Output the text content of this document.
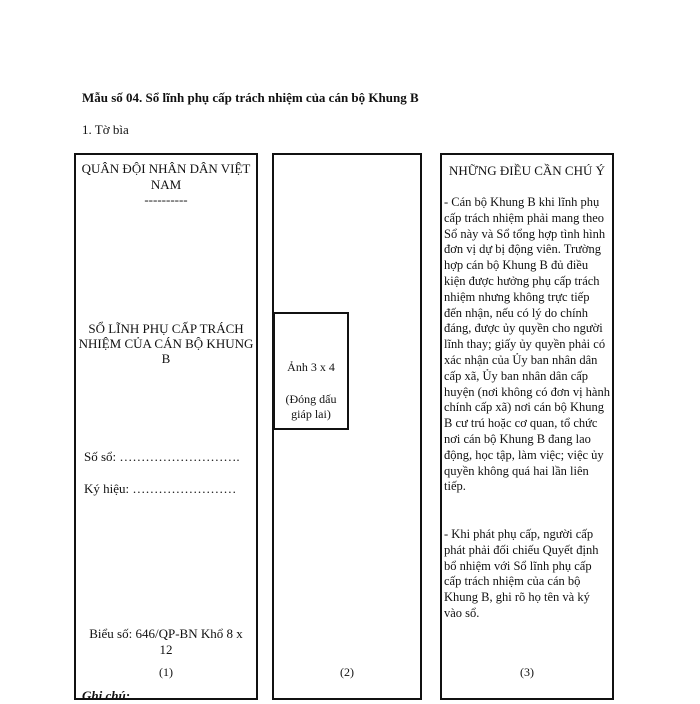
Mẫu số 04. Sổ lĩnh phụ cấp trách nhiệm của cán bộ Khung B
1. Tờ bìa
QUÂN ĐỘI NHÂN DÂN VIỆT NAM
----------
SỔ LĨNH PHỤ CẤP TRÁCH NHIỆM CỦA CÁN BỘ KHUNG B
Số sổ: ……………………….
Ký hiệu: ……………………
Biểu số: 646/QP-BN Khổ 8 x 12
(1)	(2)
Ảnh 3 x 4
(Đóng dấu giáp lai)
NHỮNG ĐIỀU CẦN CHÚ Ý
- Cán bộ Khung B khi lĩnh phụ cấp trách nhiệm phải mang theo Sổ này và Sổ tổng hợp tình hình đơn vị dự bị động viên. Trường hợp cán bộ Khung B đủ điều kiện được hưởng phụ cấp trách nhiệm nhưng không trực tiếp đến nhận, nếu có lý do chính đáng, được ủy quyền cho người lĩnh thay; giấy ủy quyền phải có xác nhận của Ủy ban nhân dân cấp xã, Ủy ban nhân dân cấp huyện (nơi không có đơn vị hành chính cấp xã) nơi cán bộ Khung B cư trú hoặc cơ quan, tổ chức nơi cán bộ Khung B đang lao động, học tập, làm việc; việc ủy quyền không quá hai lần liên tiếp.
- Khi phát phụ cấp, người cấp phát phải đối chiếu Quyết định bổ nhiệm với Sổ lĩnh phụ cấp cấp trách nhiệm của cán bộ Khung B, ghi rõ họ tên và ký vào sổ.
(3)
Ghi chú:
